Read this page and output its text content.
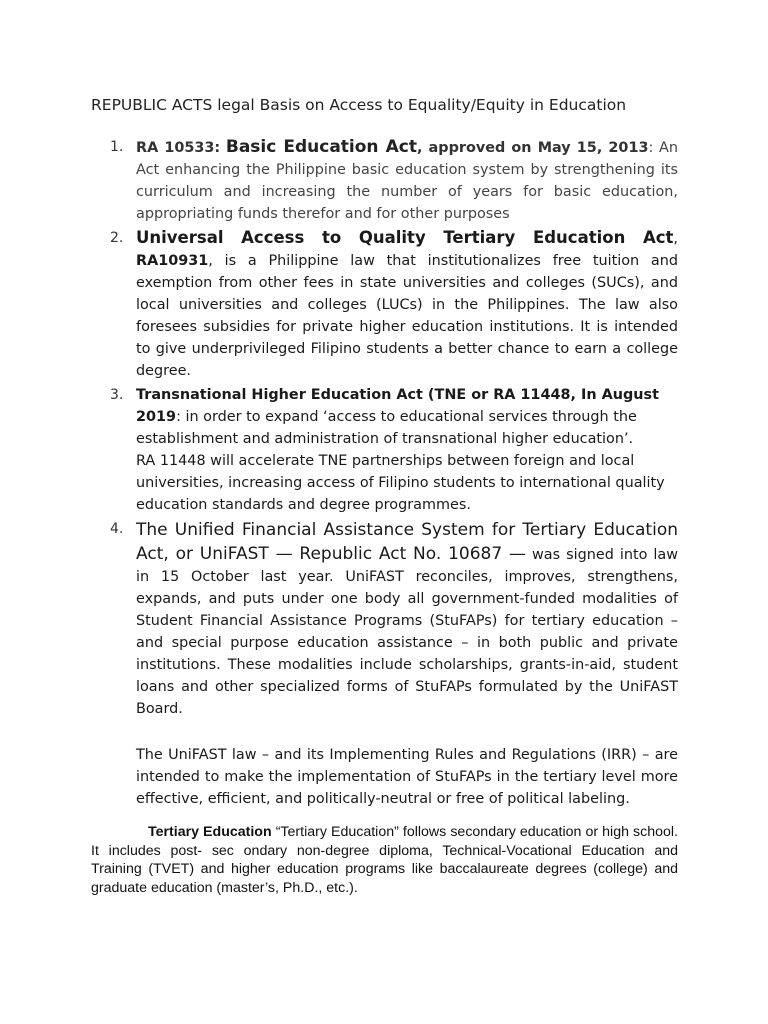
REPUBLIC ACTS legal Basis on Access to Equality/Equity in Education
1. RA 10533: Basic Education Act, approved on May 15, 2013: An Act enhancing the Philippine basic education system by strengthening its curriculum and increasing the number of years for basic education, appropriating funds therefor and for other purposes
2. Universal Access to Quality Tertiary Education Act, RA10931, is a Philippine law that institutionalizes free tuition and exemption from other fees in state universities and colleges (SUCs), and local universities and colleges (LUCs) in the Philippines. The law also foresees subsidies for private higher education institutions. It is intended to give underprivileged Filipino students a better chance to earn a college degree.
3. Transnational Higher Education Act (TNE or RA 11448, In August 2019: in order to expand ‘access to educational services through the establishment and administration of transnational higher education’.
RA 11448 will accelerate TNE partnerships between foreign and local universities, increasing access of Filipino students to international quality education standards and degree programmes.
4. The Unified Financial Assistance System for Tertiary Education Act, or UniFAST — Republic Act No. 10687 — was signed into law in 15 October last year. UniFAST reconciles, improves, strengthens, expands, and puts under one body all government-funded modalities of Student Financial Assistance Programs (StuFAPs) for tertiary education – and special purpose education assistance – in both public and private institutions. These modalities include scholarships, grants-in-aid, student loans and other specialized forms of StuFAPs formulated by the UniFAST Board.
The UniFAST law – and its Implementing Rules and Regulations (IRR) – are intended to make the implementation of StuFAPs in the tertiary level more effective, efficient, and politically-neutral or free of political labeling.
Tertiary Education “Tertiary Education” follows secondary education or high school. It includes post- sec ondary non-degree diploma, Technical-Vocational Education and Training (TVET) and higher education programs like baccalaureate degrees (college) and graduate education (master’s, Ph.D., etc.).
